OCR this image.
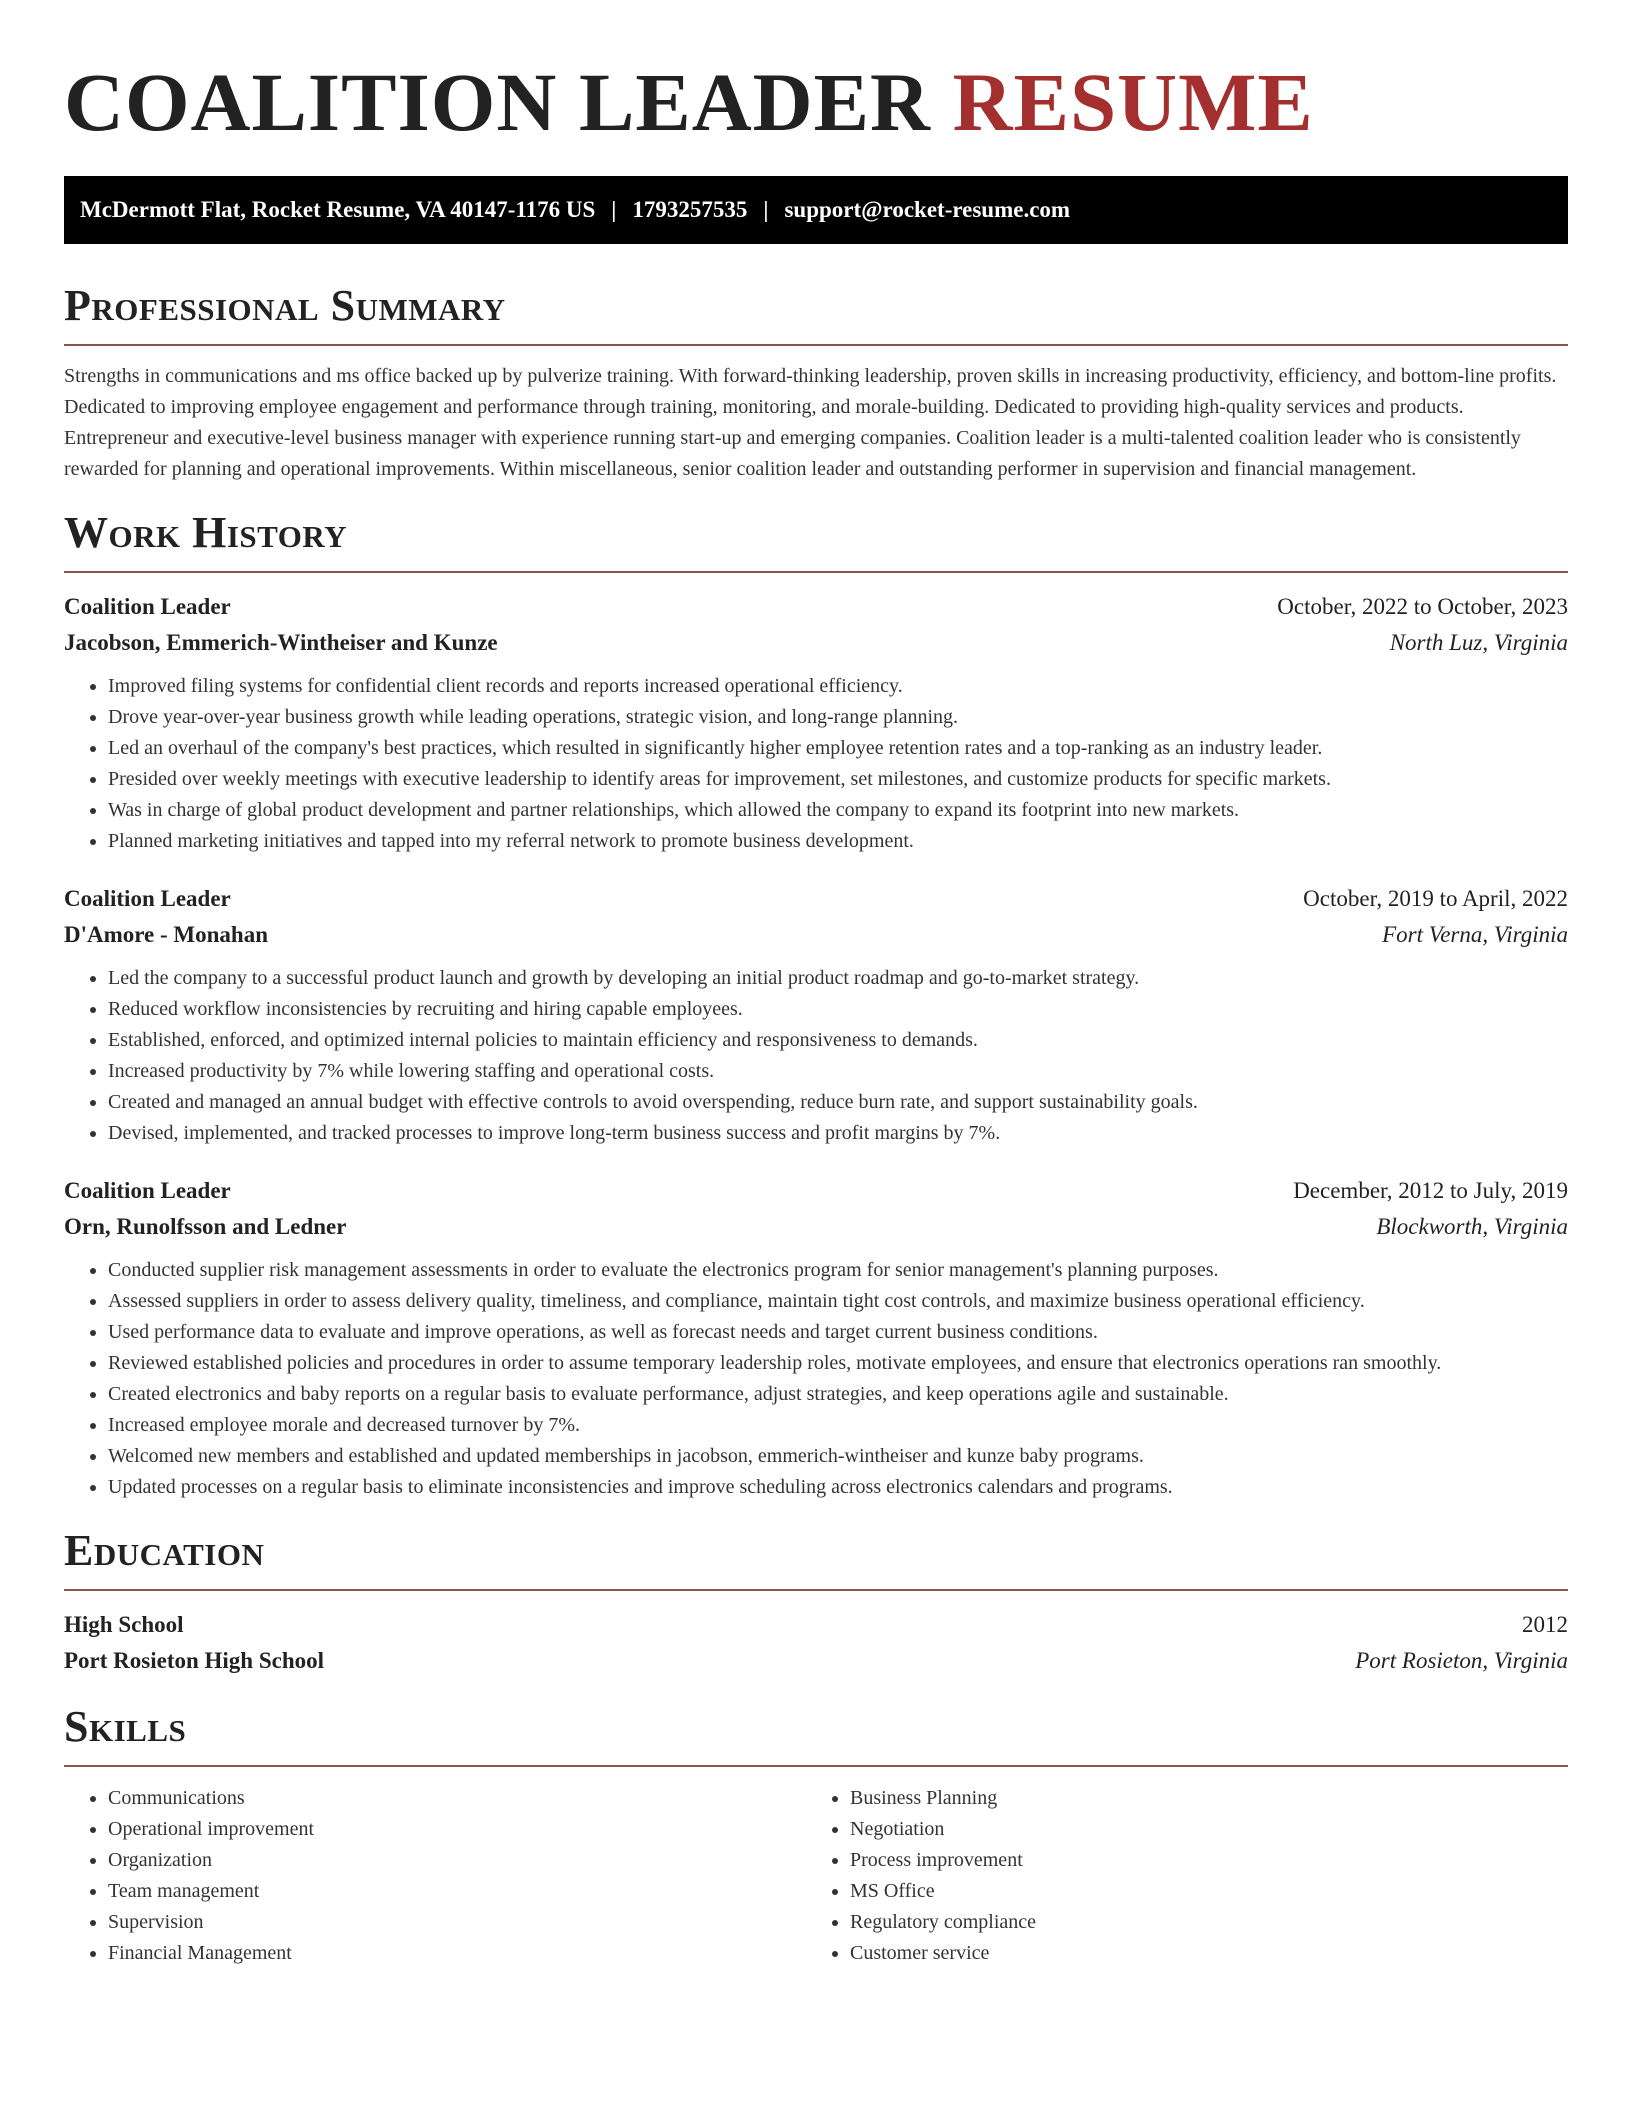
COALITION LEADER RESUME
McDermott Flat, Rocket Resume, VA 40147-1176 US | 1793257535 | support@rocket-resume.com
Professional Summary

Strengths in communications and ms office backed up by pulverize training. With forward-thinking leadership, proven skills in increasing productivity, efficiency, and bottom-line profits. Dedicated to improving employee engagement and performance through training, monitoring, and morale-building. Dedicated to providing high-quality services and products. Entrepreneur and executive-level business manager with experience running start-up and emerging companies. Coalition leader is a multi-talented coalition leader who is consistently rewarded for planning and operational improvements. Within miscellaneous, senior coalition leader and outstanding performer in supervision and financial management.

Work History
Coalition Leader	October, 2022 to October, 2023
Jacobson, Emmerich-Wintheiser and Kunze	North Luz, Virginia
• Improved filing systems for confidential client records and reports increased operational efficiency.
• Drove year-over-year business growth while leading operations, strategic vision, and long-range planning.
• Led an overhaul of the company's best practices, which resulted in significantly higher employee retention rates and a top-ranking as an industry leader.
• Presided over weekly meetings with executive leadership to identify areas for improvement, set milestones, and customize products for specific markets.
• Was in charge of global product development and partner relationships, which allowed the company to expand its footprint into new markets.
• Planned marketing initiatives and tapped into my referral network to promote business development.
Coalition Leader	October, 2019 to April, 2022
D'Amore - Monahan	Fort Verna, Virginia
• Led the company to a successful product launch and growth by developing an initial product roadmap and go-to-market strategy.
• Reduced workflow inconsistencies by recruiting and hiring capable employees.
• Established, enforced, and optimized internal policies to maintain efficiency and responsiveness to demands.
• Increased productivity by 7% while lowering staffing and operational costs.
• Created and managed an annual budget with effective controls to avoid overspending, reduce burn rate, and support sustainability goals.
• Devised, implemented, and tracked processes to improve long-term business success and profit margins by 7%.
Coalition Leader	December, 2012 to July, 2019
Orn, Runolfsson and Ledner	Blockworth, Virginia
• Conducted supplier risk management assessments in order to evaluate the electronics program for senior management's planning purposes.
• Assessed suppliers in order to assess delivery quality, timeliness, and compliance, maintain tight cost controls, and maximize business operational efficiency.
• Used performance data to evaluate and improve operations, as well as forecast needs and target current business conditions.
• Reviewed established policies and procedures in order to assume temporary leadership roles, motivate employees, and ensure that electronics operations ran smoothly.
• Created electronics and baby reports on a regular basis to evaluate performance, adjust strategies, and keep operations agile and sustainable.
• Increased employee morale and decreased turnover by 7%.
• Welcomed new members and established and updated memberships in jacobson, emmerich-wintheiser and kunze baby programs.
• Updated processes on a regular basis to eliminate inconsistencies and improve scheduling across electronics calendars and programs.
Education
High School	2012
Port Rosieton High School	Port Rosieton, Virginia
Skills
• Communications
• Operational improvement
• Organization
• Team management
• Supervision
• Financial Management
• Business Planning
• Negotiation
• Process improvement
• MS Office
• Regulatory compliance
• Customer service
